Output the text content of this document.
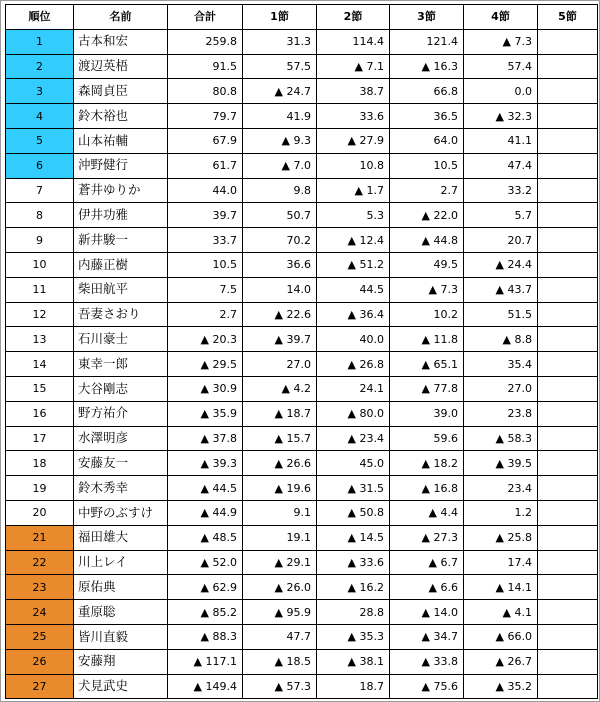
順位	名前	合計	1節	2節	3節	4節	5節
1	古本和宏	259.8	31.3	114.4	121.4	▲ 7.3	
2	渡辺英梧	91.5	57.5	▲ 7.1	▲ 16.3	57.4	
3	森岡貞臣	80.8	▲ 24.7	38.7	66.8	0.0	
4	鈴木裕也	79.7	41.9	33.6	36.5	▲ 32.3	
5	山本祐輔	67.9	▲ 9.3	▲ 27.9	64.0	41.1	
6	沖野健行	61.7	▲ 7.0	10.8	10.5	47.4	
7	蒼井ゆりか	44.0	9.8	▲ 1.7	2.7	33.2	
8	伊井功雅	39.7	50.7	5.3	▲ 22.0	5.7	
9	新井駿一	33.7	70.2	▲ 12.4	▲ 44.8	20.7	
10	内藤正樹	10.5	36.6	▲ 51.2	49.5	▲ 24.4	
11	柴田航平	7.5	14.0	44.5	▲ 7.3	▲ 43.7	
12	吾妻さおり	2.7	▲ 22.6	▲ 36.4	10.2	51.5	
13	石川豪士	▲ 20.3	▲ 39.7	40.0	▲ 11.8	▲ 8.8	
14	東幸一郎	▲ 29.5	27.0	▲ 26.8	▲ 65.1	35.4	
15	大谷剛志	▲ 30.9	▲ 4.2	24.1	▲ 77.8	27.0	
16	野方祐介	▲ 35.9	▲ 18.7	▲ 80.0	39.0	23.8	
17	水澤明彦	▲ 37.8	▲ 15.7	▲ 23.4	59.6	▲ 58.3	
18	安藤友一	▲ 39.3	▲ 26.6	45.0	▲ 18.2	▲ 39.5	
19	鈴木秀幸	▲ 44.5	▲ 19.6	▲ 31.5	▲ 16.8	23.4	
20	中野のぶすけ	▲ 44.9	9.1	▲ 50.8	▲ 4.4	1.2	
21	福田雄大	▲ 48.5	19.1	▲ 14.5	▲ 27.3	▲ 25.8	
22	川上レイ	▲ 52.0	▲ 29.1	▲ 33.6	▲ 6.7	17.4	
23	原佑典	▲ 62.9	▲ 26.0	▲ 16.2	▲ 6.6	▲ 14.1	
24	重原聡	▲ 85.2	▲ 95.9	28.8	▲ 14.0	▲ 4.1	
25	皆川直毅	▲ 88.3	47.7	▲ 35.3	▲ 34.7	▲ 66.0	
26	安藤翔	▲ 117.1	▲ 18.5	▲ 38.1	▲ 33.8	▲ 26.7	
27	犬見武史	▲ 149.4	▲ 57.3	18.7	▲ 75.6	▲ 35.2	
